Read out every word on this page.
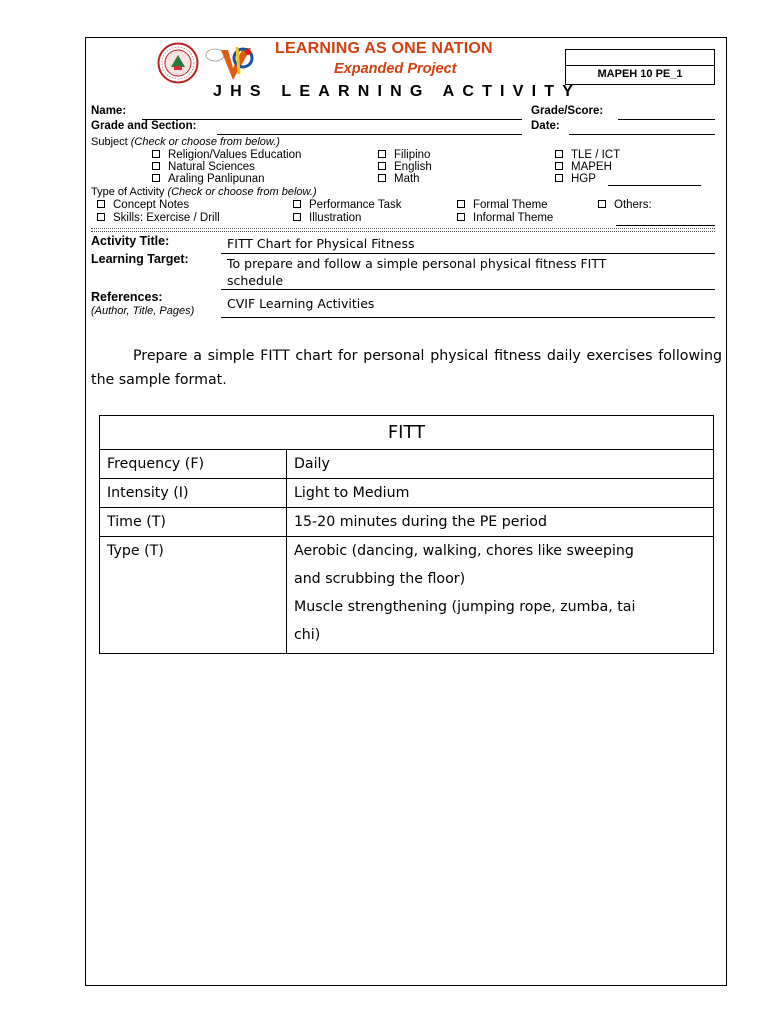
LEARNING AS ONE NATION
Expanded Project	MAPEH 10 PE_1
JHS LEARNING ACTIVITY
Name:	Grade/Score:
Grade and Section:	Date:
Subject (Check or choose from below.)
Religion/Values Education
Natural Sciences
Araling Panlipunan
Filipino
English
Math
TLE / ICT
MAPEH
HGP
Type of Activity (Check or choose from below.)
Concept Notes
Skills: Exercise / Drill
Performance Task
Illustration
Formal Theme
Informal Theme
Others:
Activity Title:	FITT Chart for Physical Fitness
Learning Target:	To prepare and follow a simple personal physical fitness FITT
schedule
References:
(Author, Title, Pages)	CVIF Learning Activities
Prepare a simple FITT chart for personal physical fitness daily exercises following the sample format.
FITT	
Frequency (F)	Daily
Intensity (I)	Light to Medium
Time (T)	15-20 minutes during the PE period
Type (T)	Aerobic (dancing, walking, chores like sweeping
and scrubbing the floor)
Muscle strengthening (jumping rope, zumba, tai
chi)
